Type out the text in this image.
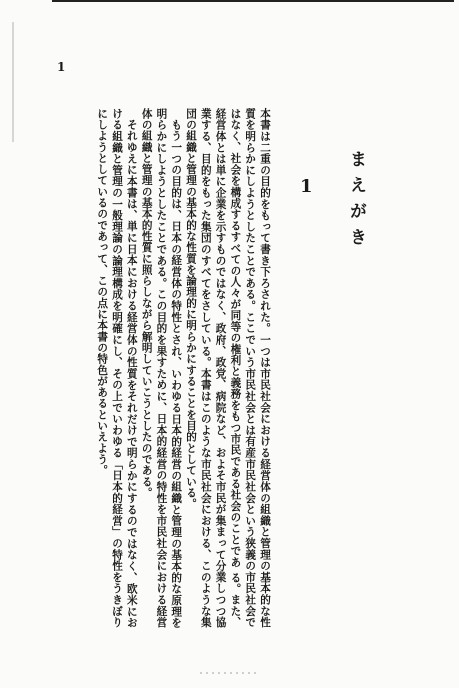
1
まえがき
1

本書は二重の目的をもって書き下ろされた。一つは市民社会における経営体の組織と管理の基本的な性質を明らかにしようとしたことである。ここでいう市民社会とは有産市民社会という狭義の市民社会ではなく、社会を構成するすべての人々が同等の権利と義務をもつ市民である社会のことであ る。また、経営体とは単に企業を示すものではなく、政府、政党、病院など、およそ市民が集まって分業しつつ協業する、目的をもった集団のすべてをさしている。本書はこのような市民社会における、このような集団の組織と管理の基本的な性質を論理的に明らかにすることを目的としている。

もう一つの目的は、日本の経営体の特性とされ、いわゆる日本的経営の組織と管理の基本的な原理を明らかにしようとしたことである。この目的を果すために、日本的経営の特性を市民社会における経営体の組織と管理の基本的性質に照らしながら解明していこうとしたのである。

それゆえに本書は、単に日本における経営体の性質をそれだけで明らかにするのではなく、欧米における組織と管理の一般理論の論理構成を明確にし、その上でいわゆる「日本的経営」の特性をうきぼりにしようとしているのであって、この点に本書の特色があるといえよう。
